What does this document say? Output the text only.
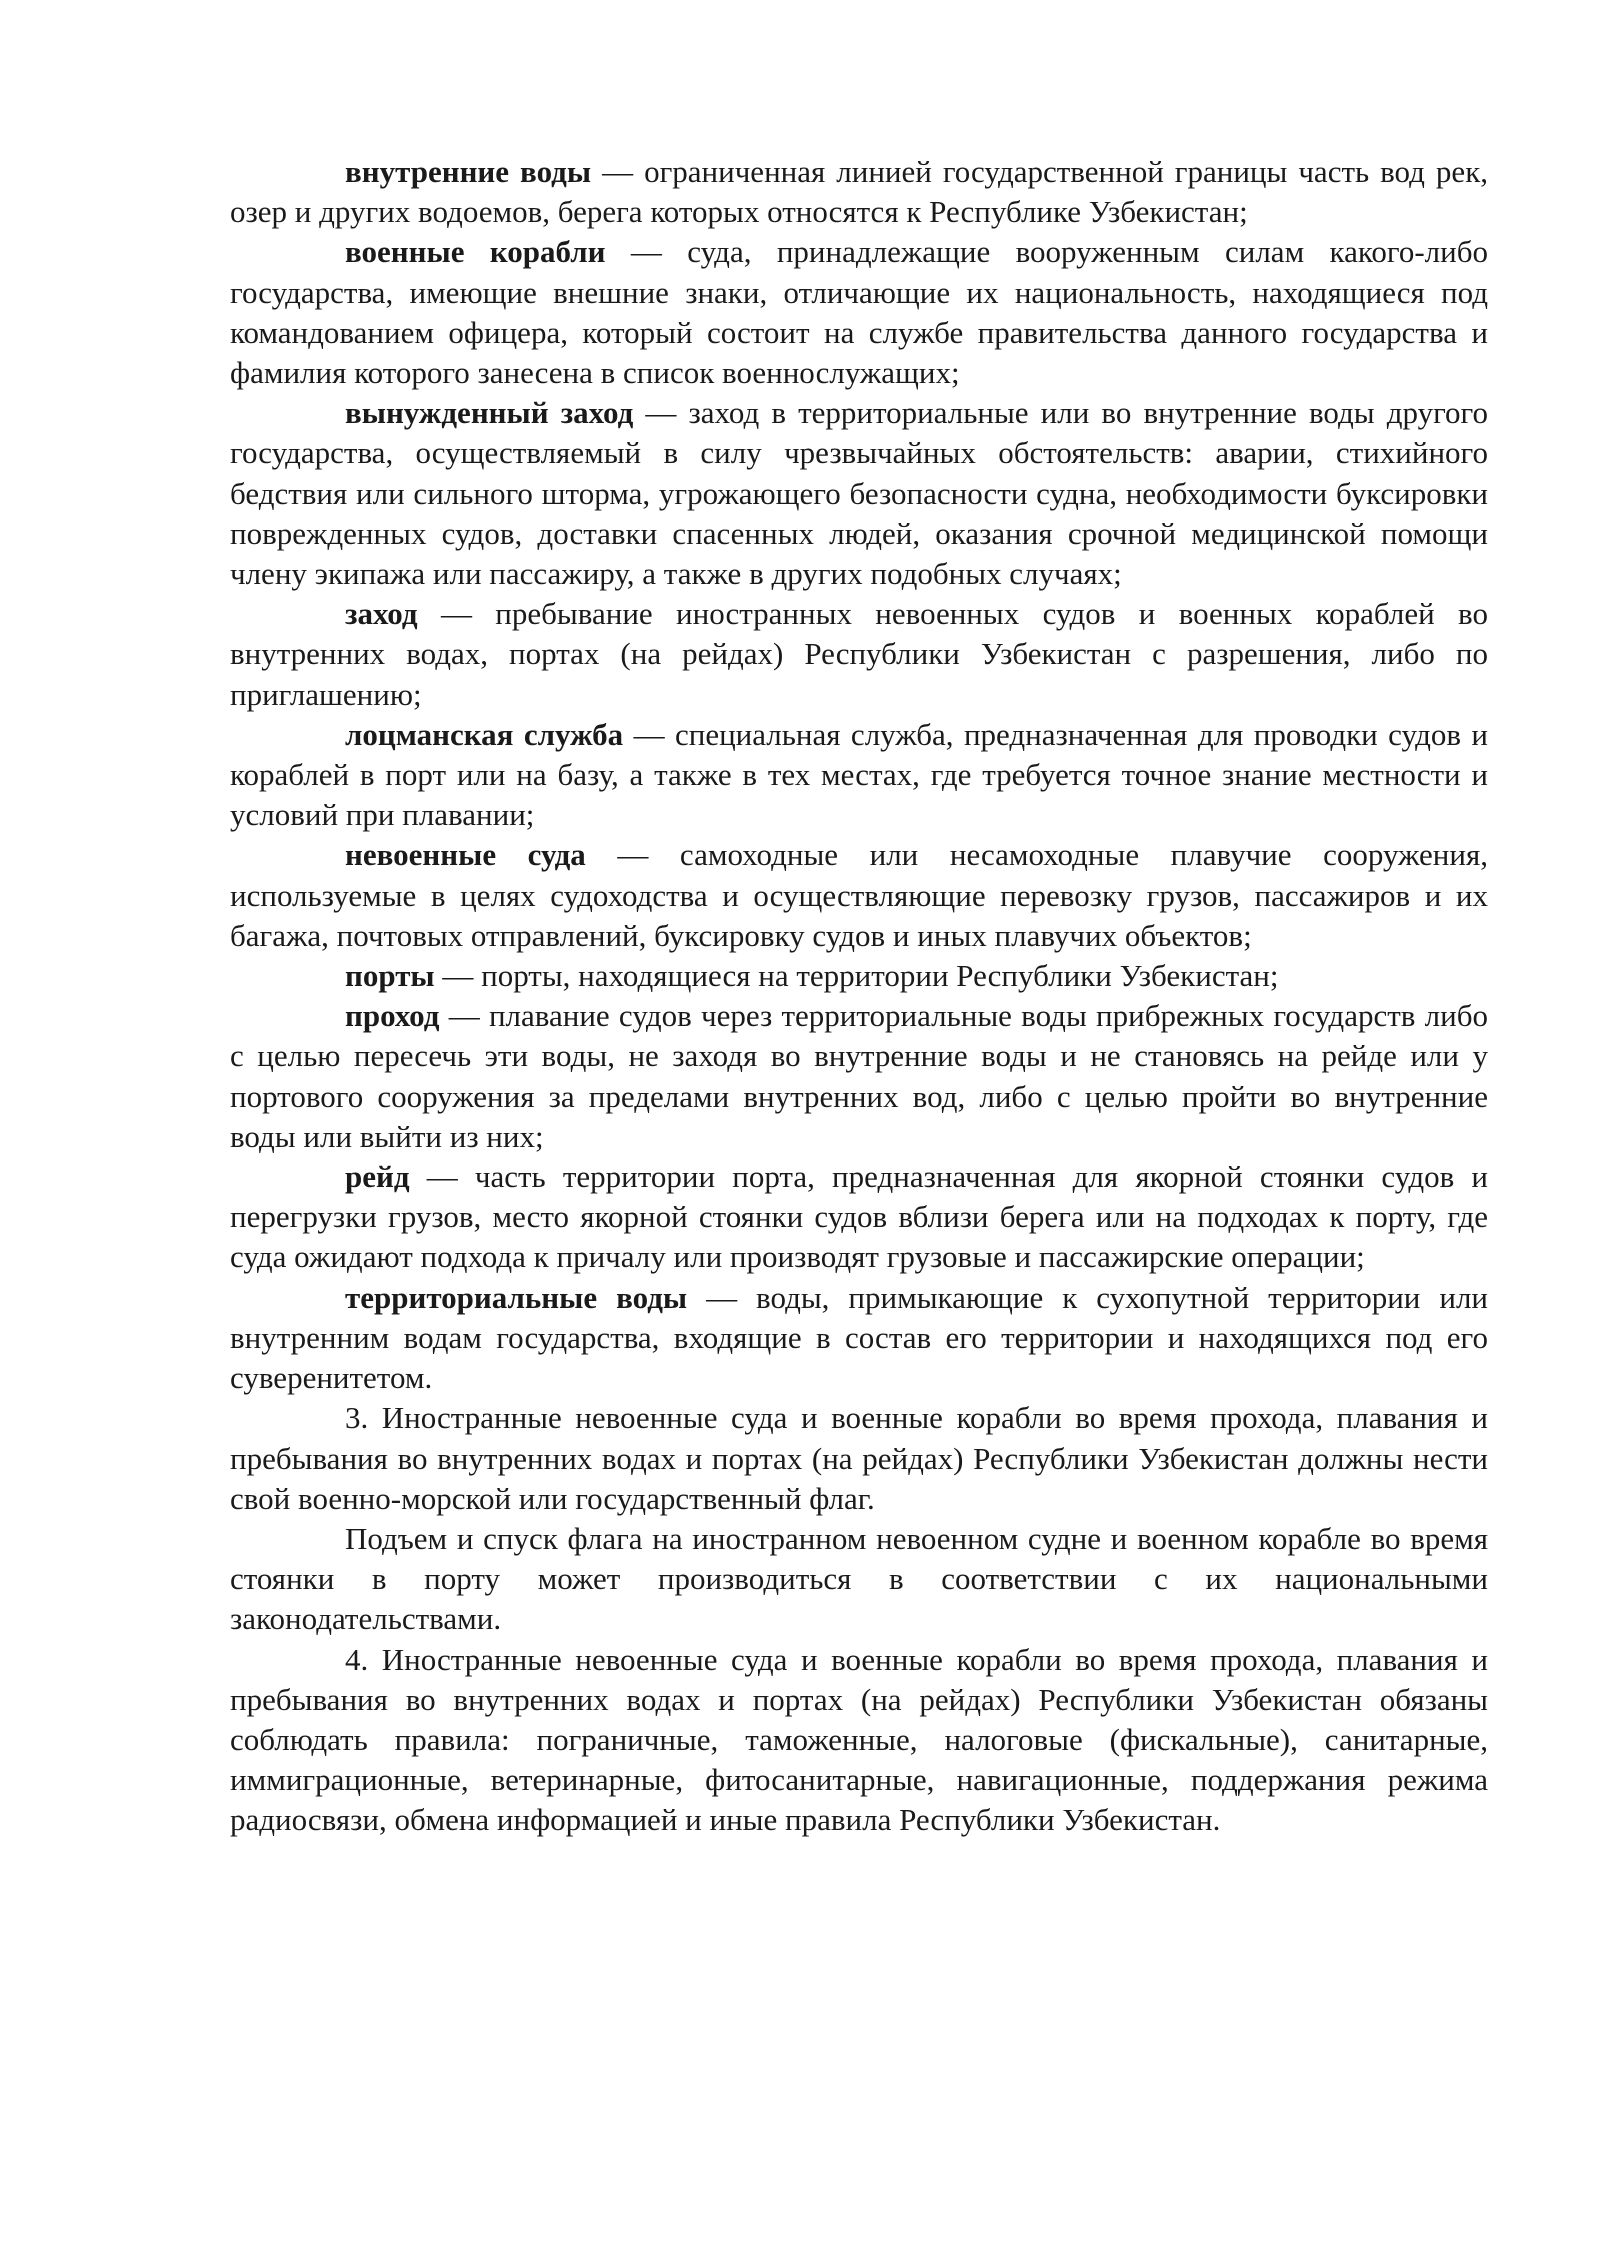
внутренние воды — ограниченная линией государственной границы часть вод рек, озер и других водоемов, берега которых относятся к Республике Узбекистан;

военные корабли — суда, принадлежащие вооруженным силам какого-либо государства, имеющие внешние знаки, отличающие их национальность, находящиеся под командованием офицера, который состоит на службе правительства данного государства и фамилия которого занесена в список военнослужащих;

вынужденный заход — заход в территориальные или во внутренние воды другого государства, осуществляемый в силу чрезвычайных обстоятельств: аварии, стихийного бедствия или сильного шторма, угрожающего безопасности судна, необходимости буксировки поврежденных судов, доставки спасенных людей, оказания срочной медицинской помощи члену экипажа или пассажиру, а также в других подобных случаях;

заход — пребывание иностранных невоенных судов и военных кораблей во внутренних водах, портах (на рейдах) Республики Узбекистан с разрешения, либо по приглашению;

лоцманская служба — специальная служба, предназначенная для проводки судов и кораблей в порт или на базу, а также в тех местах, где требуется точное знание местности и условий при плавании;

невоенные суда — самоходные или несамоходные плавучие сооружения, используемые в целях судоходства и осуществляющие перевозку грузов, пассажиров и их багажа, почтовых отправлений, буксировку судов и иных плавучих объектов;

порты — порты, находящиеся на территории Республики Узбекистан;

проход — плавание судов через территориальные воды прибрежных государств либо с целью пересечь эти воды, не заходя во внутренние воды и не становясь на рейде или у портового сооружения за пределами внутренних вод, либо с целью пройти во внутренние воды или выйти из них;

рейд — часть территории порта, предназначенная для якорной стоянки судов и перегрузки грузов, место якорной стоянки судов вблизи берега или на подходах к порту, где суда ожидают подхода к причалу или производят грузовые и пассажирские операции;

территориальные воды — воды, примыкающие к сухопутной территории или внутренним водам государства, входящие в состав его территории и находящихся под его суверенитетом.

3. Иностранные невоенные суда и военные корабли во время прохода, плавания и пребывания во внутренних водах и портах (на рейдах) Республики Узбекистан должны нести свой военно-морской или государственный флаг.

Подъем и спуск флага на иностранном невоенном судне и военном корабле во время стоянки в порту может производиться в соответствии с их национальными законодательствами.

4. Иностранные невоенные суда и военные корабли во время прохода, плавания и пребывания во внутренних водах и портах (на рейдах) Республики Узбекистан обязаны соблюдать правила: пограничные, таможенные, налоговые (фискальные), санитарные, иммиграционные, ветеринарные, фитосанитарные, навигационные, поддержания режима радиосвязи, обмена информацией и иные правила Республики Узбекистан.
